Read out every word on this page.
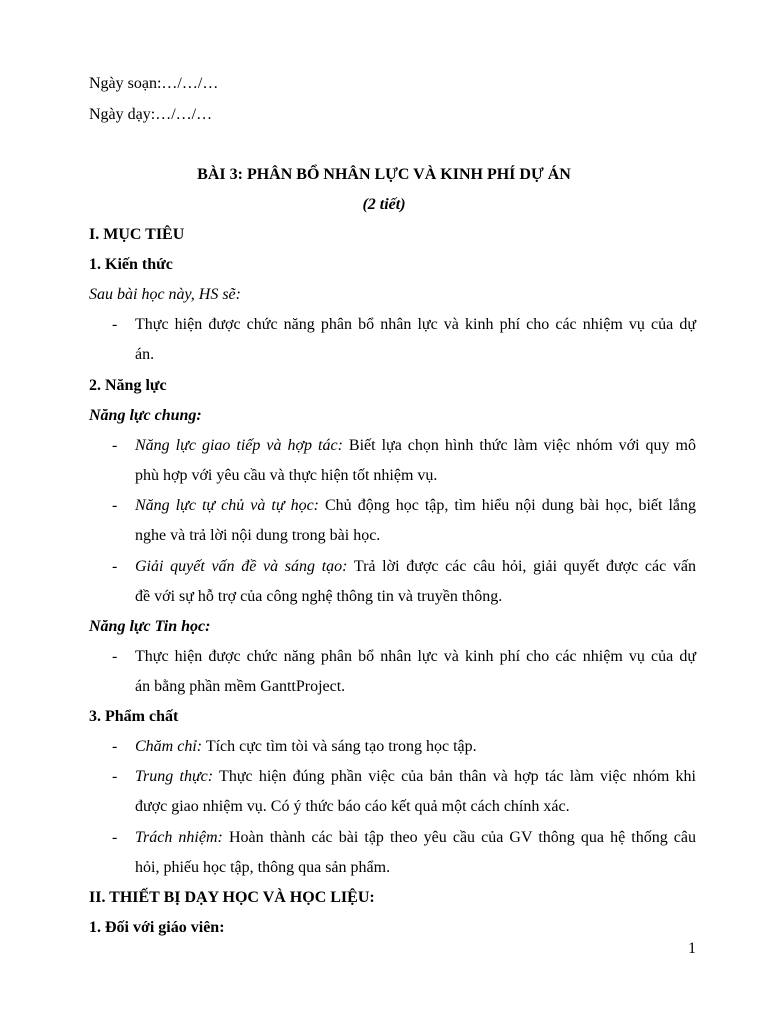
Ngày soạn:…/…/…
Ngày dạy:…/…/…
BÀI 3: PHÂN BỔ NHÂN LỰC VÀ KINH PHÍ DỰ ÁN
(2 tiết)
I. MỤC TIÊU
1. Kiến thức
Sau bài học này, HS sẽ:
- Thực hiện được chức năng phân bổ nhân lực và kinh phí cho các nhiệm vụ của dự
án.
2. Năng lực
Năng lực chung:
- Năng lực giao tiếp và hợp tác: Biết lựa chọn hình thức làm việc nhóm với quy mô
phù hợp với yêu cầu và thực hiện tốt nhiệm vụ.
- Năng lực tự chủ và tự học: Chủ động học tập, tìm hiểu nội dung bài học, biết lắng
nghe và trả lời nội dung trong bài học.
- Giải quyết vấn đề và sáng tạo: Trả lời được các câu hỏi, giải quyết được các vấn
đề với sự hỗ trợ của công nghệ thông tin và truyền thông.
Năng lực Tin học:
- Thực hiện được chức năng phân bổ nhân lực và kinh phí cho các nhiệm vụ của dự
án bằng phần mềm GanttProject.
3. Phẩm chất
- Chăm chỉ: Tích cực tìm tòi và sáng tạo trong học tập.
- Trung thực: Thực hiện đúng phần việc của bản thân và hợp tác làm việc nhóm khi
được giao nhiệm vụ. Có ý thức báo cáo kết quả một cách chính xác.
- Trách nhiệm: Hoàn thành các bài tập theo yêu cầu của GV thông qua hệ thống câu
hỏi, phiếu học tập, thông qua sản phẩm.
II. THIẾT BỊ DẠY HỌC VÀ HỌC LIỆU:
1. Đối với giáo viên:
1
